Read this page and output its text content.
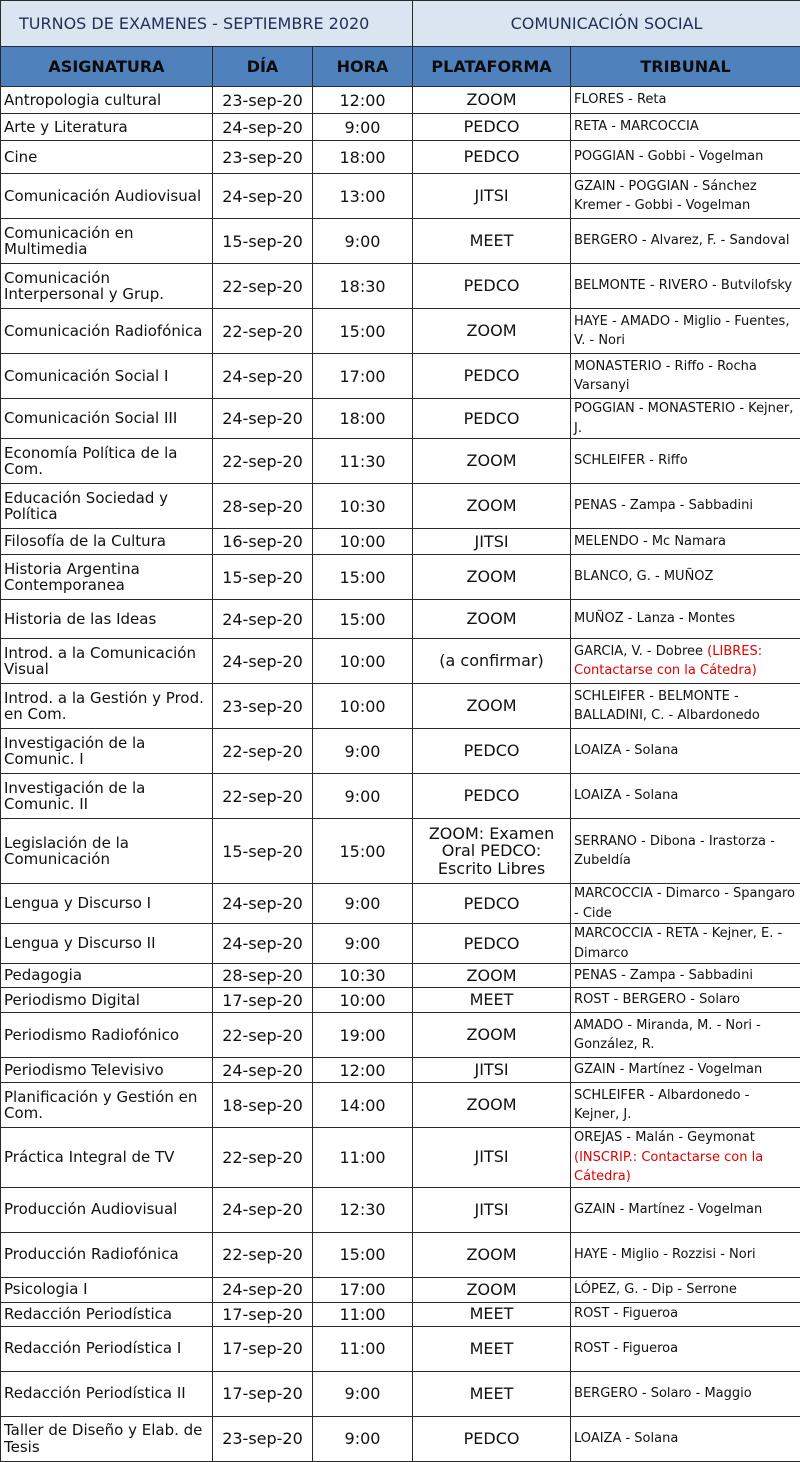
TURNOS DE EXAMENES - SEPTIEMBRE 2020			COMUNICACIÓN SOCIAL	
ASIGNATURA	DÍA	HORA	PLATAFORMA	TRIBUNAL
Antropologia cultural	23-sep-20	12:00	ZOOM	FLORES - Reta
Arte y Literatura	24-sep-20	9:00	PEDCO	RETA - MARCOCCIA
Cine	23-sep-20	18:00	PEDCO	POGGIAN - Gobbi - Vogelman
Comunicación Audiovisual	24-sep-20	13:00	JITSI	GZAIN - POGGIAN - Sánchez Kremer - Gobbi - Vogelman
Comunicación en Multimedia	15-sep-20	9:00	MEET	BERGERO - Alvarez, F. - Sandoval
Comunicación Interpersonal y Grup.	22-sep-20	18:30	PEDCO	BELMONTE - RIVERO - Butvilofsky
Comunicación Radiofónica	22-sep-20	15:00	ZOOM	HAYE - AMADO - Miglio - Fuentes, V. - Nori
Comunicación Social I	24-sep-20	17:00	PEDCO	MONASTERIO - Riffo - Rocha Varsanyi
Comunicación Social III	24-sep-20	18:00	PEDCO	POGGIAN - MONASTERIO - Kejner, J.
Economía Política de la Com.	22-sep-20	11:30	ZOOM	SCHLEIFER - Riffo
Educación Sociedad y Política	28-sep-20	10:30	ZOOM	PENAS - Zampa - Sabbadini
Filosofía de la Cultura	16-sep-20	10:00	JITSI	MELENDO - Mc Namara
Historia Argentina Contemporanea	15-sep-20	15:00	ZOOM	BLANCO, G. - MUÑOZ
Historia de las Ideas	24-sep-20	15:00	ZOOM	MUÑOZ - Lanza - Montes
Introd. a la Comunicación Visual	24-sep-20	10:00	(a confirmar)	GARCIA, V. - Dobree (LIBRES: Contactarse con la Cátedra)
Introd. a la Gestión y Prod. en Com.	23-sep-20	10:00	ZOOM	SCHLEIFER - BELMONTE - BALLADINI, C. - Albardonedo
Investigación de la Comunic. I	22-sep-20	9:00	PEDCO	LOAIZA - Solana
Investigación de la Comunic. II	22-sep-20	9:00	PEDCO	LOAIZA - Solana
Legislación de la Comunicación	15-sep-20	15:00	ZOOM: Examen Oral PEDCO: Escrito Libres	SERRANO - Dibona - Irastorza - Zubeldía
Lengua y Discurso I	24-sep-20	9:00	PEDCO	MARCOCCIA - Dimarco - Spangaro - Cide
Lengua y Discurso II	24-sep-20	9:00	PEDCO	MARCOCCIA - RETA - Kejner, E. - Dimarco
Pedagogia	28-sep-20	10:30	ZOOM	PENAS - Zampa - Sabbadini
Periodismo Digital	17-sep-20	10:00	MEET	ROST - BERGERO - Solaro
Periodismo Radiofónico	22-sep-20	19:00	ZOOM	AMADO - Miranda, M. - Nori - González, R.
Periodismo Televisivo	24-sep-20	12:00	JITSI	GZAIN - Martínez - Vogelman
Planificación y Gestión en Com.	18-sep-20	14:00	ZOOM	SCHLEIFER - Albardonedo - Kejner, J.
Práctica Integral de TV	22-sep-20	11:00	JITSI	OREJAS - Malán - Geymonat (INSCRIP.: Contactarse con la Cátedra)
Producción Audiovisual	24-sep-20	12:30	JITSI	GZAIN - Martínez - Vogelman
Producción Radiofónica	22-sep-20	15:00	ZOOM	HAYE - Miglio - Rozzisi - Nori
Psicologia I	24-sep-20	17:00	ZOOM	LÓPEZ, G. - Dip - Serrone
Redacción Periodística	17-sep-20	11:00	MEET	ROST - Figueroa
Redacción Periodística I	17-sep-20	11:00	MEET	ROST - Figueroa
Redacción Periodística II	17-sep-20	9:00	MEET	BERGERO - Solaro - Maggio
Taller de Diseño y Elab. de Tesis	23-sep-20	9:00	PEDCO	LOAIZA - Solana
